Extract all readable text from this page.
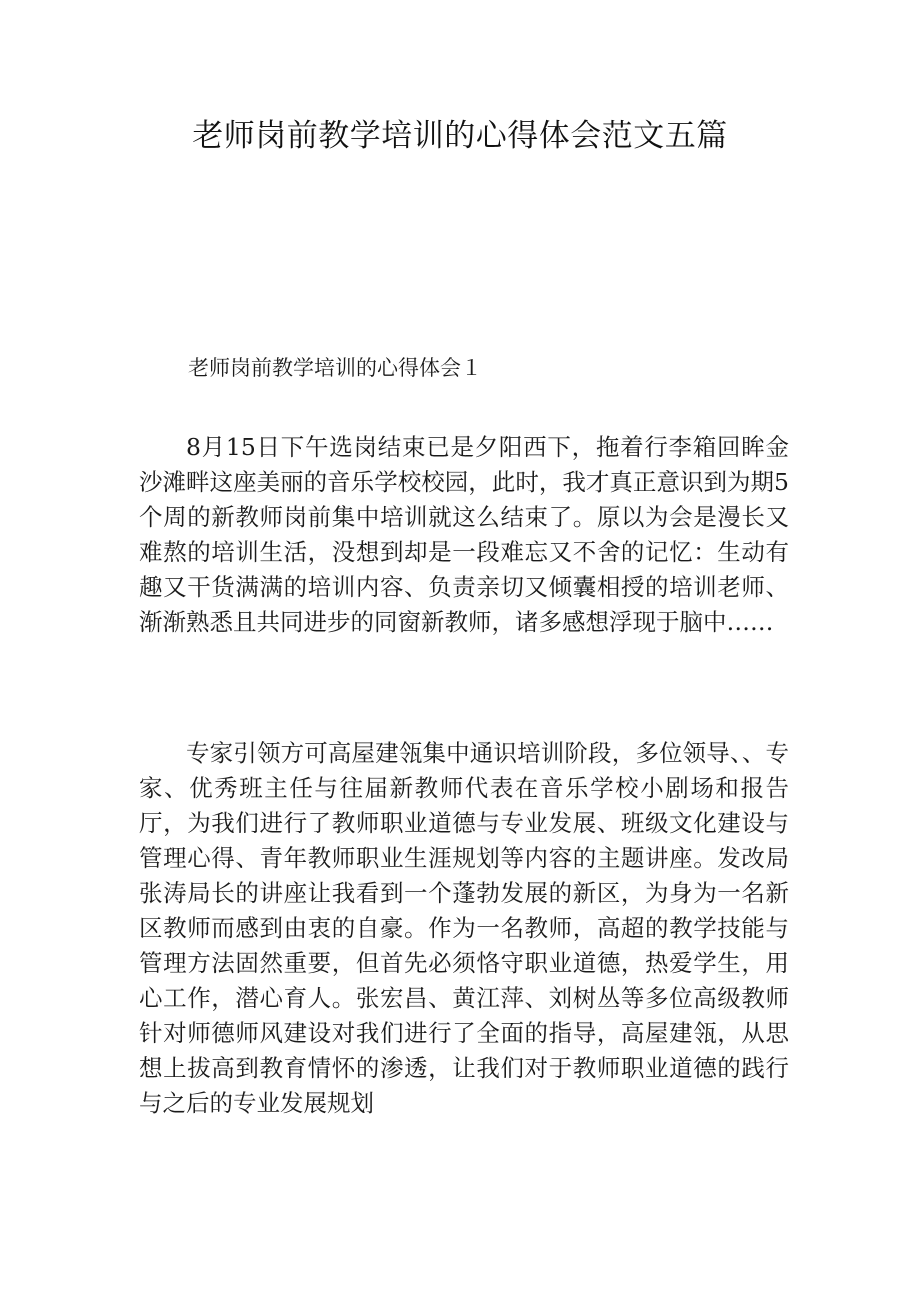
老师岗前教学培训的心得体会范文五篇
老师岗前教学培训的心得体会１

8月15日下午选岗结束已是夕阳西下，拖着行李箱回眸金沙滩畔这座美丽的音乐学校校园，此时，我才真正意识到为期5个周的新教师岗前集中培训就这么结束了。原以为会是漫长又难熬的培训生活，没想到却是一段难忘又不舍的记忆：生动有趣又干货满满的培训内容、负责亲切又倾囊相授的培训老师、渐渐熟悉且共同进步的同窗新教师，诸多感想浮现于脑中……

专家引领方可高屋建瓴集中通识培训阶段，多位领导、、专家、优秀班主任与往届新教师代表在音乐学校小剧场和报告厅，为我们进行了教师职业道德与专业发展、班级文化建设与管理心得、青年教师职业生涯规划等内容的主题讲座。发改局张涛局长的讲座让我看到一个蓬勃发展的新区，为身为一名新区教师而感到由衷的自豪。作为一名教师，高超的教学技能与管理方法固然重要，但首先必须恪守职业道德，热爱学生，用心工作，潜心育人。张宏昌、黄江萍、刘树丛等多位高级教师针对师德师风建设对我们进行了全面的指导，高屋建瓴，从思想上拔高到教育情怀的渗透，让我们对于教师职业道德的践行与之后的专业发展规划
